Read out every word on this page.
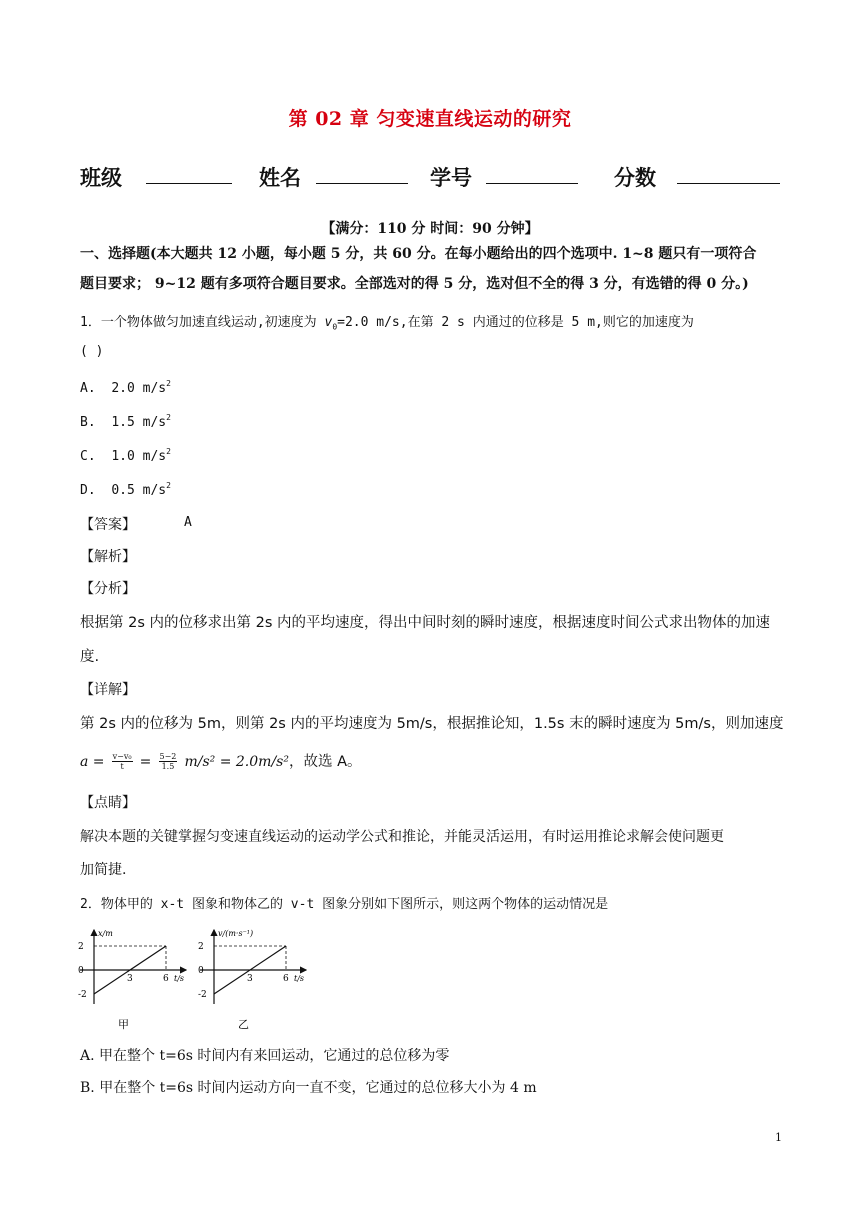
第 02 章 匀变速直线运动的研究
班级	姓名	学号	分数
【满分：110 分 时间：90 分钟】
一、选择题(本大题共 12 小题，每小题 5 分，共 60 分。在每小题给出的四个选项中. 1~8 题只有一项符合
题目要求； 9~12 题有多项符合题目要求。全部选对的得 5 分，选对但不全的得 3 分，有选错的得 0 分。)
1．一个物体做匀加速直线运动,初速度为 $v_0=2.0$ m/s,在第 2 s 内通过的位移是 5 m,则它的加速度为
( )
A. 2.0 $m/s^2$
B. 1.5 $m/s^2$
C. 1.0 $m/s^2$
D. 0.5 $m/s^2$
【答案】	A
【解析】
【分析】
根据第 2s 内的位移求出第 2s 内的平均速度，得出中间时刻的瞬时速度，根据速度时间公式求出物体的加速
度.
【详解】
第 2s 内的位移为 5m，则第 2s 内的平均速度为 5m/s，根据推论知，1.5s 末的瞬时速度为 5m/s，则加速度
$a = \frac{\text{v−v₀}}{t} = \frac{5-2}{1.5} m/s^2 = 2.0m/s^2$，故选 A。
【点睛】
解决本题的关键掌握匀变速直线运动的运动学公式和推论，并能灵活运用，有时运用推论求解会使问题更
加简捷.
2．物体甲的 x-t 图象和物体乙的 v-t 图象分别如下图所示，则这两个物体的运动情况是
x/m
t/s
2
0
-2
3	6
甲
v/(m·s⁻¹)
t/s
2
0
-2
3	6
乙
A. 甲在整个 t=6s 时间内有来回运动，它通过的总位移为零
B. 甲在整个 t=6s 时间内运动方向一直不变，它通过的总位移大小为 4 m
1
